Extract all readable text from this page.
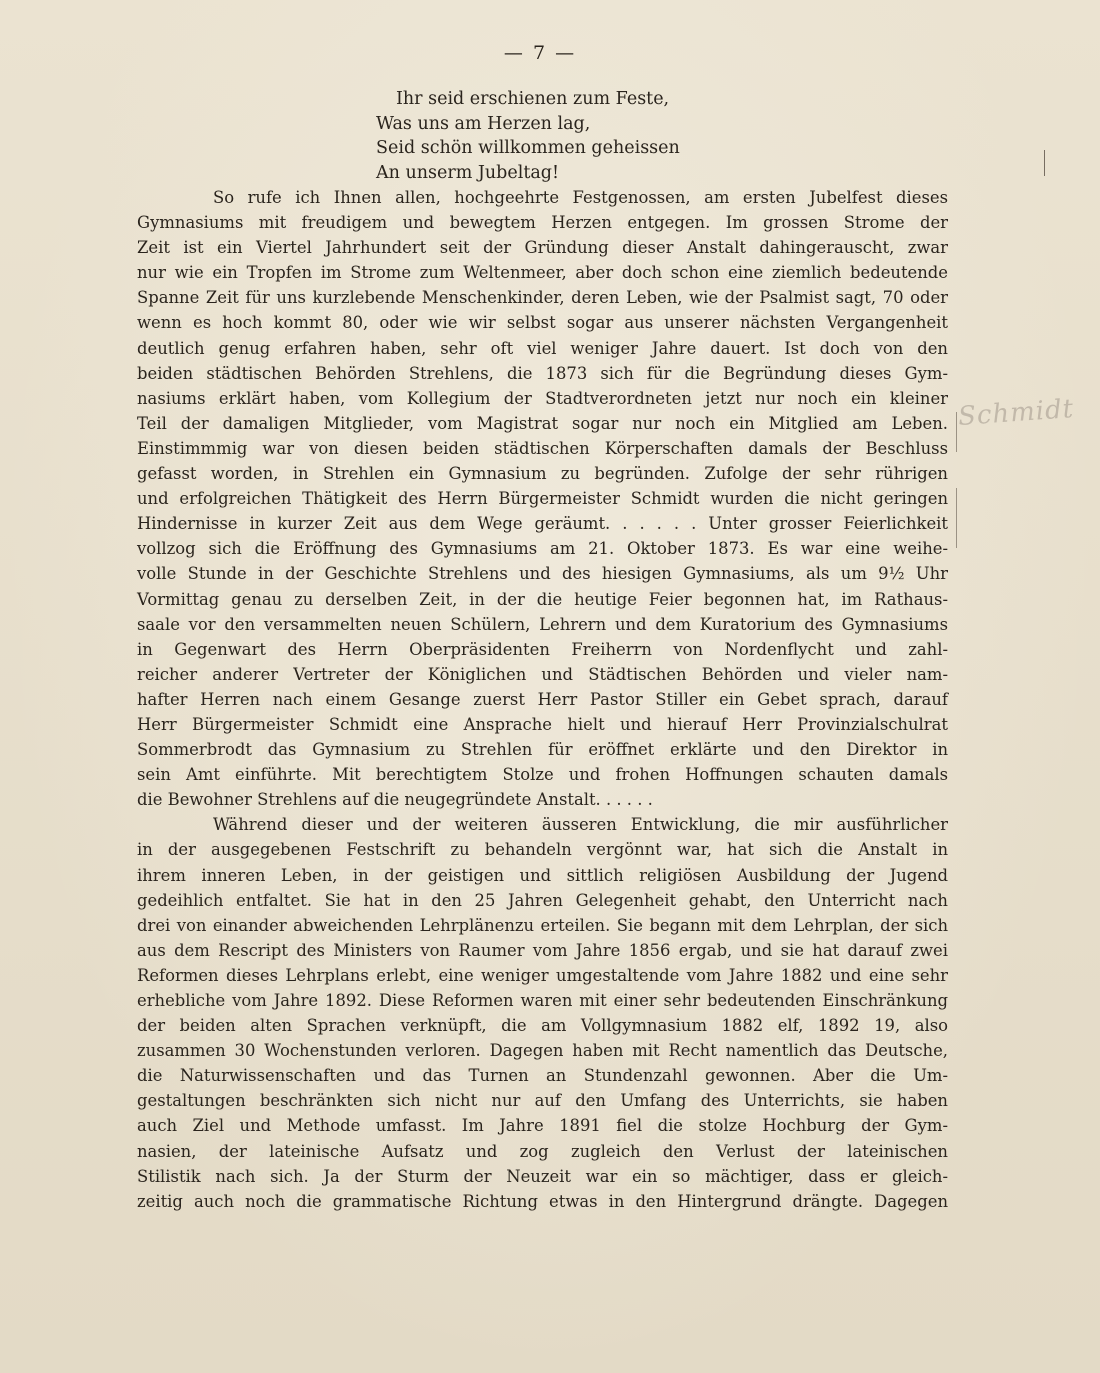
Schmidt
— 7 —
Ihr seid erschienen zum Feste,
Was uns am Herzen lag,
Seid schön willkommen geheissen
An unserm Jubeltag!

So rufe ich Ihnen allen, hochgeehrte Festgenossen, am ersten Jubelfest dieses

Gymnasiums mit freudigem und bewegtem Herzen entgegen. Im grossen Strome der

Zeit ist ein Viertel Jahrhundert seit der Gründung dieser Anstalt dahingerauscht, zwar

nur wie ein Tropfen im Strome zum Weltenmeer, aber doch schon eine ziemlich bedeutende

Spanne Zeit für uns kurzlebende Menschenkinder, deren Leben, wie der Psalmist sagt, 70 oder

wenn es hoch kommt 80, oder wie wir selbst sogar aus unserer nächsten Vergangenheit

deutlich genug erfahren haben, sehr oft viel weniger Jahre dauert. Ist doch von den

beiden städtischen Behörden Strehlens, die 1873 sich für die Begründung dieses Gym-

nasiums erklärt haben, vom Kollegium der Stadtverordneten jetzt nur noch ein kleiner

Teil der damaligen Mitglieder, vom Magistrat sogar nur noch ein Mitglied am Leben.

Einstimmmig war von diesen beiden städtischen Körperschaften damals der Beschluss

gefasst worden, in Strehlen ein Gymnasium zu begründen. Zufolge der sehr rührigen

und erfolgreichen Thätigkeit des Herrn Bürgermeister Schmidt wurden die nicht geringen

Hindernisse in kurzer Zeit aus dem Wege geräumt. . . . . . Unter grosser Feierlichkeit

vollzog sich die Eröffnung des Gymnasiums am 21. Oktober 1873. Es war eine weihe-

volle Stunde in der Geschichte Strehlens und des hiesigen Gymnasiums, als um 9½ Uhr

Vormittag genau zu derselben Zeit, in der die heutige Feier begonnen hat, im Rathaus-

saale vor den versammelten neuen Schülern, Lehrern und dem Kuratorium des Gymnasiums

in Gegenwart des Herrn Oberpräsidenten Freiherrn von Nordenflycht und zahl-

reicher anderer Vertreter der Königlichen und Städtischen Behörden und vieler nam-

hafter Herren nach einem Gesange zuerst Herr Pastor Stiller ein Gebet sprach, darauf

Herr Bürgermeister Schmidt eine Ansprache hielt und hierauf Herr Provinzialschulrat

Sommerbrodt das Gymnasium zu Strehlen für eröffnet erklärte und den Direktor in

sein Amt einführte. Mit berechtigtem Stolze und frohen Hoffnungen schauten damals

die Bewohner Strehlens auf die neugegründete Anstalt. . . . . .

Während dieser und der weiteren äusseren Entwicklung, die mir ausführlicher

in der ausgegebenen Festschrift zu behandeln vergönnt war, hat sich die Anstalt in

ihrem inneren Leben, in der geistigen und sittlich religiösen Ausbildung der Jugend

gedeihlich entfaltet. Sie hat in den 25 Jahren Gelegenheit gehabt, den Unterricht nach

drei von einander abweichenden Lehrplänenzu erteilen. Sie begann mit dem Lehrplan, der sich

aus dem Rescript des Ministers von Raumer vom Jahre 1856 ergab, und sie hat darauf zwei

Reformen dieses Lehrplans erlebt, eine weniger umgestaltende vom Jahre 1882 und eine sehr

erhebliche vom Jahre 1892. Diese Reformen waren mit einer sehr bedeutenden Einschränkung

der beiden alten Sprachen verknüpft, die am Vollgymnasium 1882 elf, 1892 19, also

zusammen 30 Wochenstunden verloren. Dagegen haben mit Recht namentlich das Deutsche,

die Naturwissenschaften und das Turnen an Stundenzahl gewonnen. Aber die Um-

gestaltungen beschränkten sich nicht nur auf den Umfang des Unterrichts, sie haben

auch Ziel und Methode umfasst. Im Jahre 1891 fiel die stolze Hochburg der Gym-

nasien, der lateinische Aufsatz und zog zugleich den Verlust der lateinischen

Stilistik nach sich. Ja der Sturm der Neuzeit war ein so mächtiger, dass er gleich-

zeitig auch noch die grammatische Richtung etwas in den Hintergrund drängte. Dagegen
